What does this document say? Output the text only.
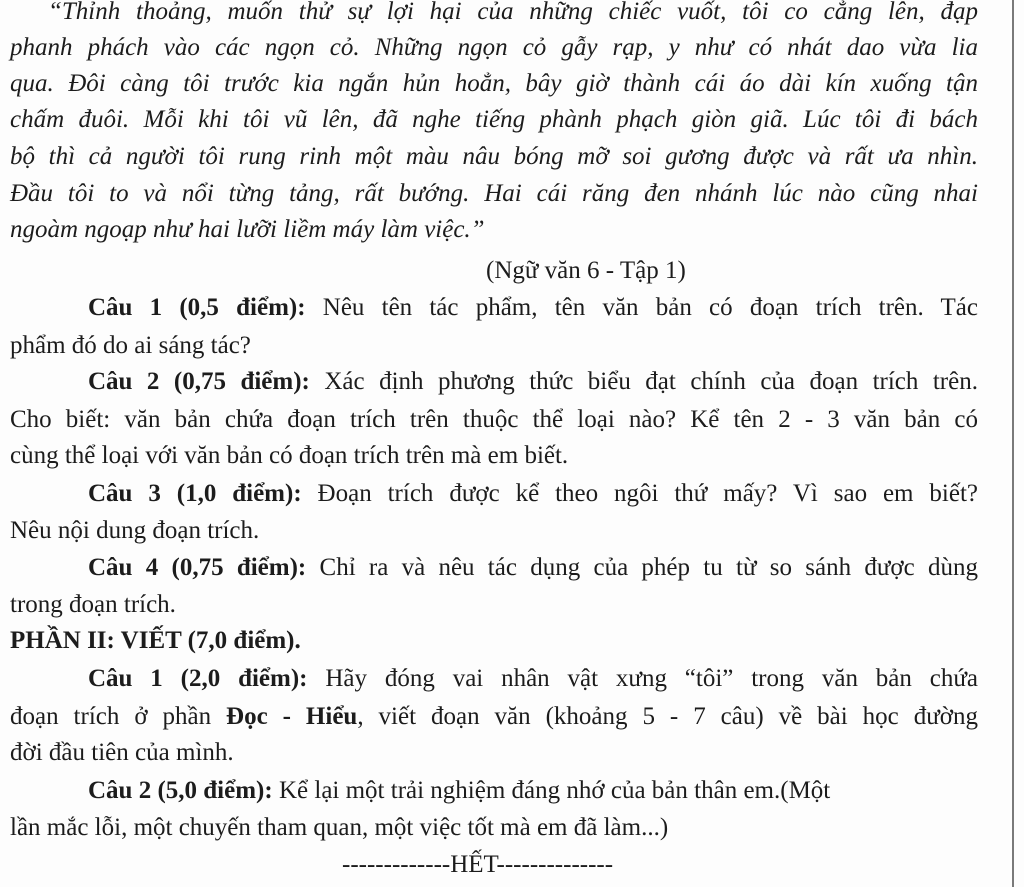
“Thỉnh thoảng, muốn thử sự lợi hại của những chiếc vuốt, tôi co cẳng lên, đạp
phanh phách vào các ngọn cỏ. Những ngọn cỏ gẫy rạp, y như có nhát dao vừa lia
qua. Đôi càng tôi trước kia ngắn hủn hoẳn, bây giờ thành cái áo dài kín xuống tận
chấm đuôi. Mỗi khi tôi vũ lên, đã nghe tiếng phành phạch giòn giã. Lúc tôi đi bách
bộ thì cả người tôi rung rinh một màu nâu bóng mỡ soi gương được và rất ưa nhìn.
Đầu tôi to và nổi từng tảng, rất bướng. Hai cái răng đen nhánh lúc nào cũng nhai
ngoàm ngoạp như hai lưỡi liềm máy làm việc.”
(Ngữ văn 6 - Tập 1)
Câu 1 (0,5 điểm): Nêu tên tác phẩm, tên văn bản có đoạn trích trên. Tác
phẩm đó do ai sáng tác?
Câu 2 (0,75 điểm): Xác định phương thức biểu đạt chính của đoạn trích trên.
Cho biết: văn bản chứa đoạn trích trên thuộc thể loại nào? Kể tên 2 - 3 văn bản có
cùng thể loại với văn bản có đoạn trích trên mà em biết.
Câu 3 (1,0 điểm): Đoạn trích được kể theo ngôi thứ mấy? Vì sao em biết?
Nêu nội dung đoạn trích.
Câu 4 (0,75 điểm): Chỉ ra và nêu tác dụng của phép tu từ so sánh được dùng
trong đoạn trích.
PHẦN II: VIẾT (7,0 điểm).
Câu 1 (2,0 điểm): Hãy đóng vai nhân vật xưng “tôi” trong văn bản chứa
đoạn trích ở phần Đọc - Hiểu, viết đoạn văn (khoảng 5 - 7 câu) về bài học đường
đời đầu tiên của mình.
Câu 2 (5,0 điểm): Kể lại một trải nghiệm đáng nhớ của bản thân em.(Một
lần mắc lỗi, một chuyến tham quan, một việc tốt mà em đã làm...)
-------------HẾT--------------
